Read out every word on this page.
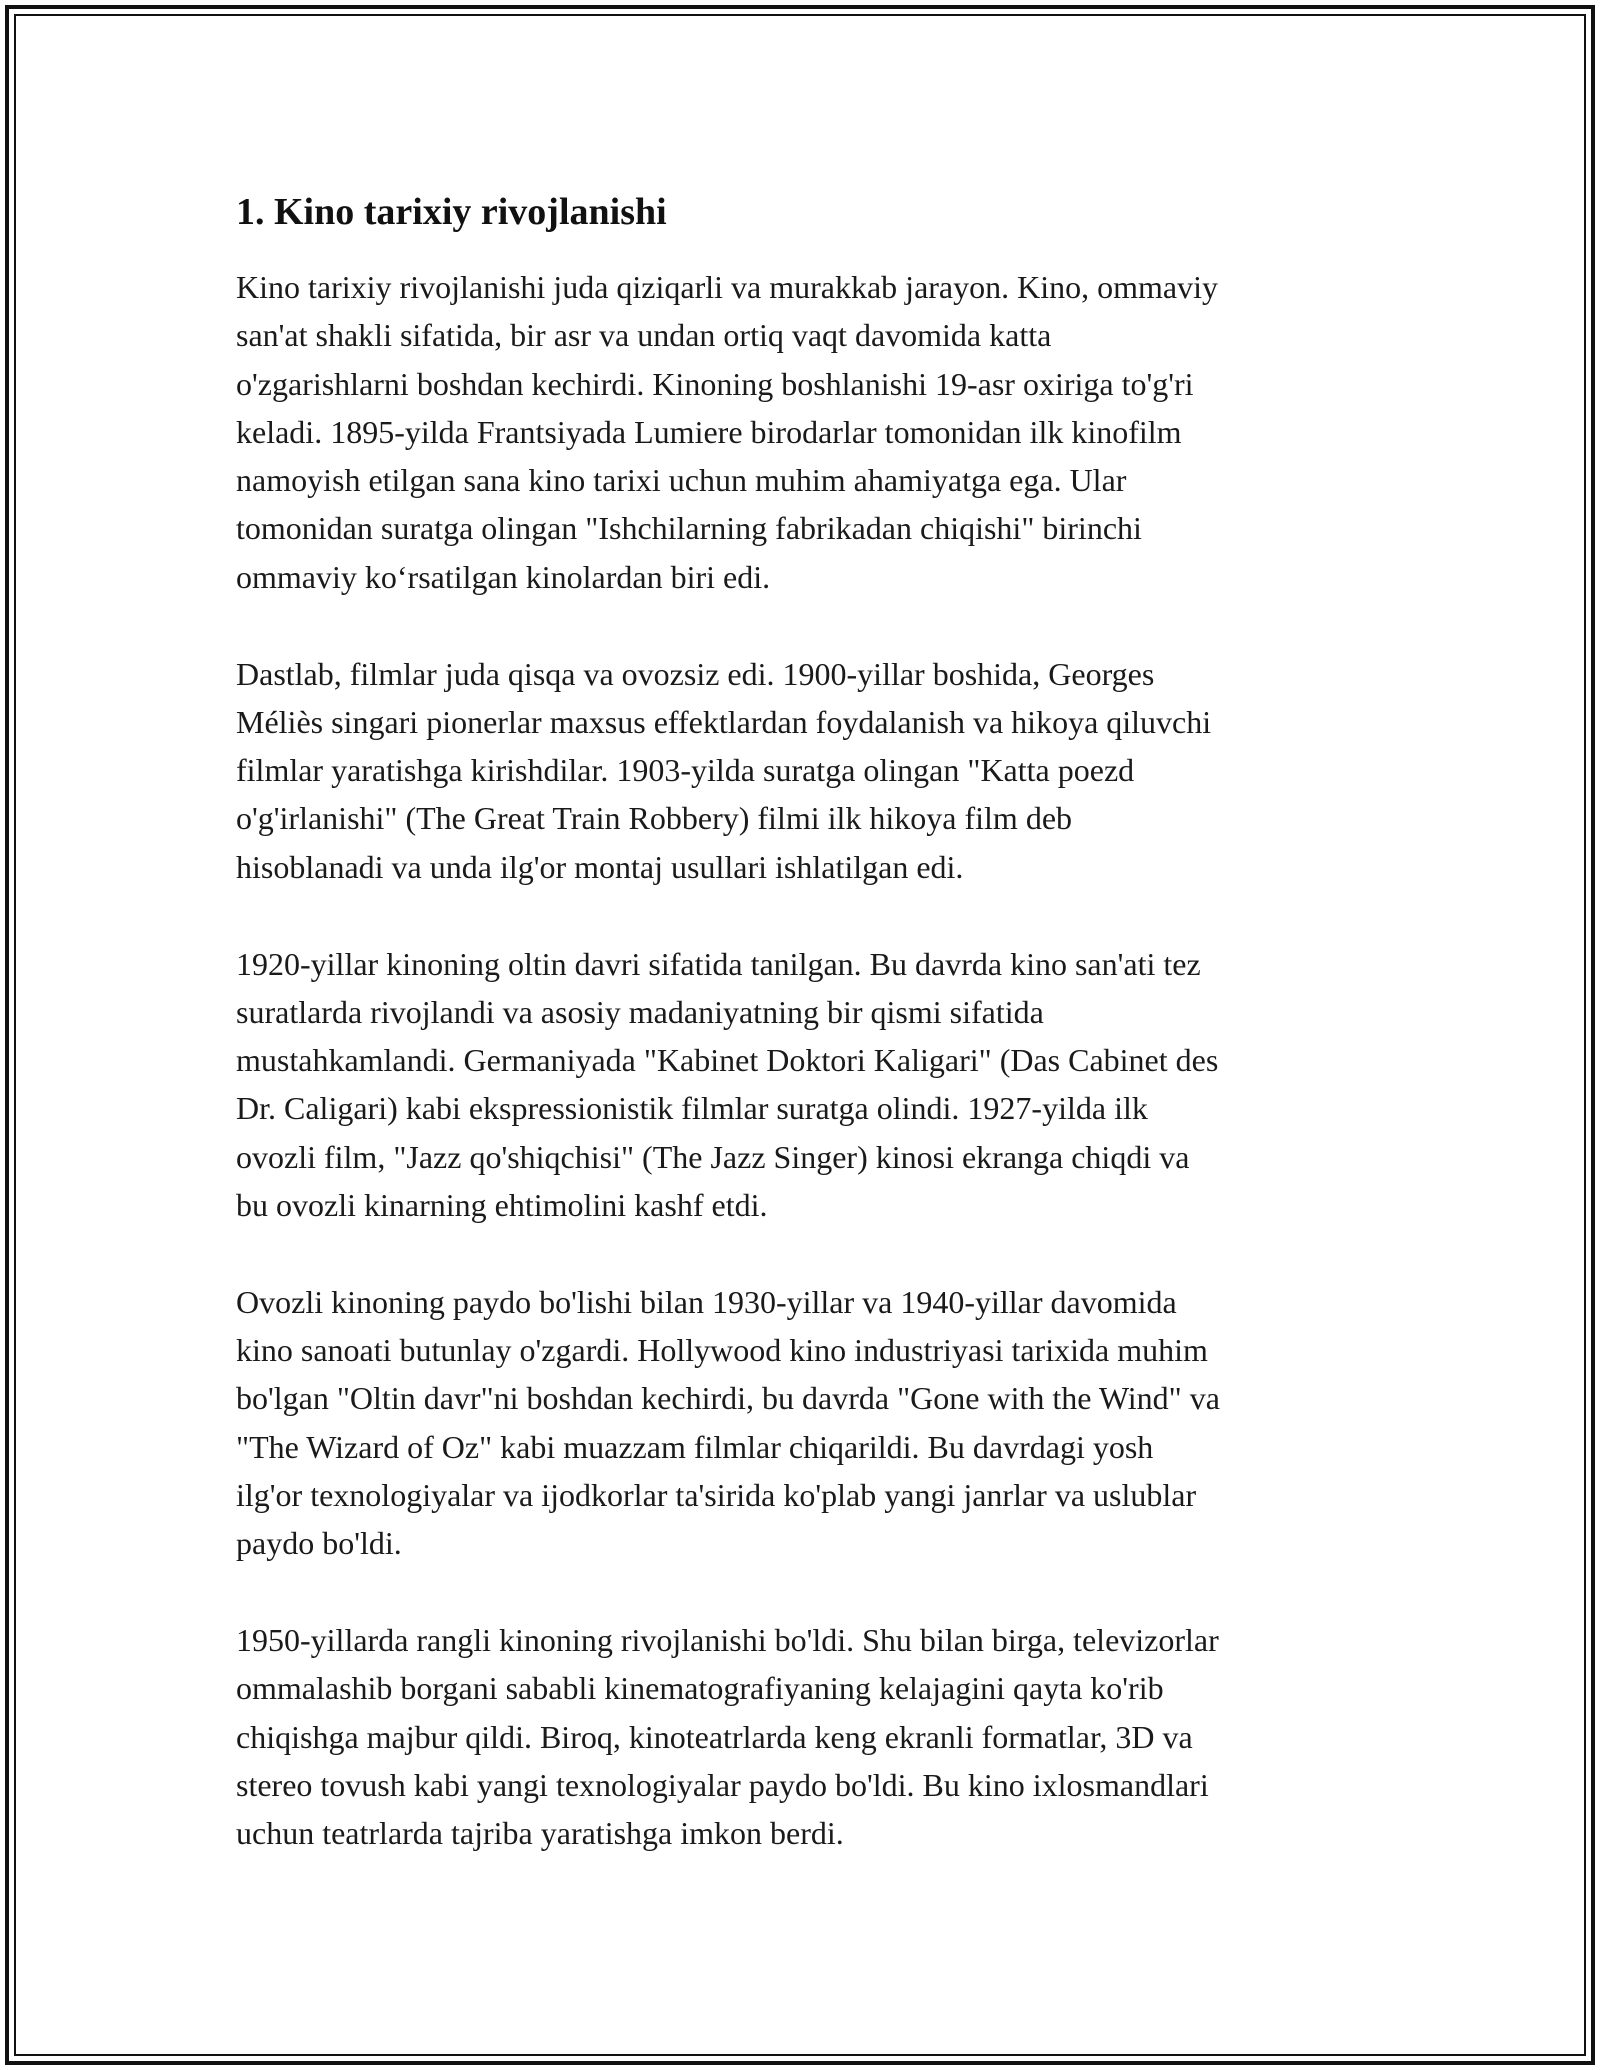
1. Kino tarixiy rivojlanishi

Kino tarixiy rivojlanishi juda qiziqarli va murakkab jarayon. Kino, ommaviy
san'at shakli sifatida, bir asr va undan ortiq vaqt davomida katta
o'zgarishlarni boshdan kechirdi. Kinoning boshlanishi 19-asr oxiriga to'g'ri
keladi. 1895-yilda Frantsiyada Lumiere birodarlar tomonidan ilk kinofilm
namoyish etilgan sana kino tarixi uchun muhim ahamiyatga ega. Ular
tomonidan suratga olingan "Ishchilarning fabrikadan chiqishi" birinchi
ommaviy ko‘rsatilgan kinolardan biri edi.

Dastlab, filmlar juda qisqa va ovozsiz edi. 1900-yillar boshida, Georges
Méliès singari pionerlar maxsus effektlardan foydalanish va hikoya qiluvchi
filmlar yaratishga kirishdilar. 1903-yilda suratga olingan "Katta poezd
o'g'irlanishi" (The Great Train Robbery) filmi ilk hikoya film deb
hisoblanadi va unda ilg'or montaj usullari ishlatilgan edi.

1920-yillar kinoning oltin davri sifatida tanilgan. Bu davrda kino san'ati tez
suratlarda rivojlandi va asosiy madaniyatning bir qismi sifatida
mustahkamlandi. Germaniyada "Kabinet Doktori Kaligari" (Das Cabinet des
Dr. Caligari) kabi ekspressionistik filmlar suratga olindi. 1927-yilda ilk
ovozli film, "Jazz qo'shiqchisi" (The Jazz Singer) kinosi ekranga chiqdi va
bu ovozli kinarning ehtimolini kashf etdi.

Ovozli kinoning paydo bo'lishi bilan 1930-yillar va 1940-yillar davomida
kino sanoati butunlay o'zgardi. Hollywood kino industriyasi tarixida muhim
bo'lgan "Oltin davr"ni boshdan kechirdi, bu davrda "Gone with the Wind" va
"The Wizard of Oz" kabi muazzam filmlar chiqarildi. Bu davrdagi yosh
ilg'or texnologiyalar va ijodkorlar ta'sirida ko'plab yangi janrlar va uslublar
paydo bo'ldi.

1950-yillarda rangli kinoning rivojlanishi bo'ldi. Shu bilan birga, televizorlar
ommalashib borgani sababli kinematografiyaning kelajagini qayta ko'rib
chiqishga majbur qildi. Biroq, kinoteatrlarda keng ekranli formatlar, 3D va
stereo tovush kabi yangi texnologiyalar paydo bo'ldi. Bu kino ixlosmandlari
uchun teatrlarda tajriba yaratishga imkon berdi.
